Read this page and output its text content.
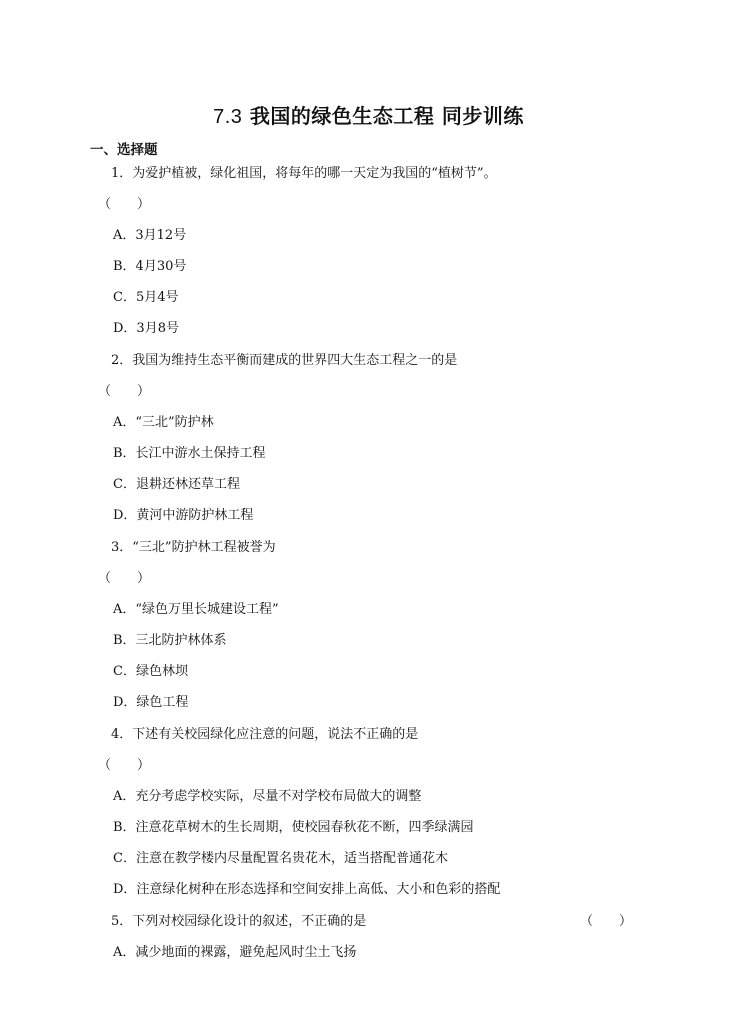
7.3 我国的绿色生态工程 同步训练
一、选择题
1．为爱护植被，绿化祖国，将每年的哪一天定为我国的“植树节”。
（　　）
A．3月12号
B．4月30号
C．5月4号
D．3月8号
2．我国为维持生态平衡而建成的世界四大生态工程之一的是
（　　）
A．“三北”防护林
B．长江中游水土保持工程
C．退耕还林还草工程
D．黄河中游防护林工程
3．“三北”防护林工程被誉为
（　　）
A．“绿色万里长城建设工程”
B．三北防护林体系
C．绿色林坝
D．绿色工程
4．下述有关校园绿化应注意的问题，说法不正确的是
（　　）
A．充分考虑学校实际，尽量不对学校布局做大的调整
B．注意花草树木的生长周期，使校园春秋花不断，四季绿满园
C．注意在教学楼内尽量配置名贵花木，适当搭配普通花木
D．注意绿化树种在形态选择和空间安排上高低、大小和色彩的搭配
5．下列对校园绿化设计的叙述，不正确的是	（　　）
A．减少地面的裸露，避免起风时尘土飞扬
